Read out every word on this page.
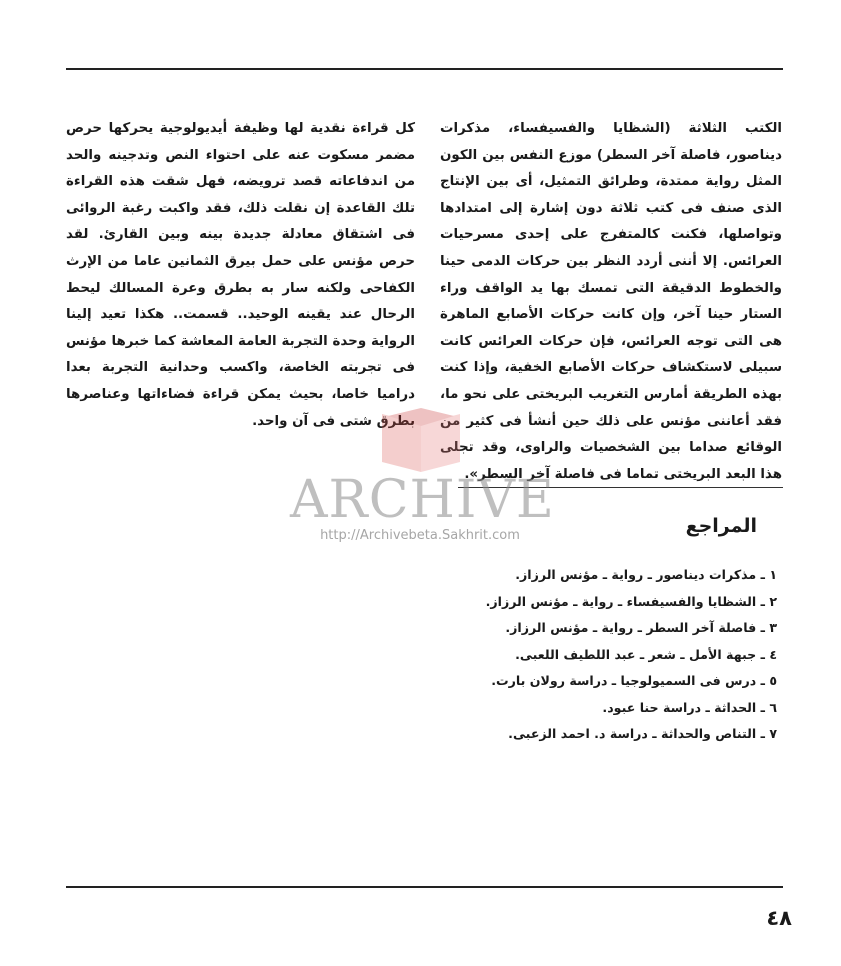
الكتب الثلاثة (الشظايا والفسيفساء، مذكرات ديناصور، فاصلة آخر السطر) موزع النفس بين الكون المثل رواية ممتدة، وطرائق التمثيل، أى بين الإنتاج الذى صنف فى كتب ثلاثة دون إشارة إلى امتدادها وتواصلها، فكنت كالمتفرج على إحدى مسرحيات العرائس. إلا أننى أردد النظر بين حركات الدمى حينا والخطوط الدقيقة التى تمسك بها يد الواقف وراء الستار حينا آخر، وإن كانت حركات الأصابع الماهرة هى التى توجه العرائس، فإن حركات العرائس كانت سبيلى لاستكشاف حركات الأصابع الخفية، وإذا كنت بهذه الطريقة أمارس التغريب البريختى على نحو ما، فقد أعاننى مؤنس على ذلك حين أنشأ فى كثير من الوقائع صداما بين الشخصيات والراوى، وقد تجلى هذا البعد البريختى تماما فى فاصلة آخر السطر».

كل قراءة نقدية لها وظيفة أيديولوجية يحركها حرص مضمر مسكوت عنه على احتواء النص وتدجينه والحد من اندفاعاته قصد ترويضه، فهل شقت هذه القراءة تلك القاعدة إن نقلت ذلك، فقد واكبت رغبة الروائى فى اشتقاق معادلة جديدة بينه وبين القارئ. لقد حرص مؤنس على حمل بيرق الثمانين عاما من الإرث الكفاحى ولكنه سار به بطرق وعرة المسالك ليحط الرحال عند يقينه الوحيد.. قسمت.. هكذا تعيد إلينا الرواية وحدة التجربة العامة المعاشة كما خبرها مؤنس فى تجربته الخاصة، واكسب وحدانية التجربة بعدا دراميا خاصا، بحيث يمكن قراءة فضاءاتها وعناصرها بطرق شتى فى آن واحد.

المراجع
١ ـ مذكرات ديناصور ـ رواية ـ مؤنس الرزاز.
٢ ـ الشظايا والفسيفساء ـ رواية ـ مؤنس الرزاز.
٣ ـ فاصلة آخر السطر ـ رواية ـ مؤنس الرزاز.
٤ ـ جبهة الأمل ـ شعر ـ عبد اللطيف اللعبى.
٥ ـ درس فى السميولوجيا ـ دراسة رولان بارت.
٦ ـ الحداثة ـ دراسة حنا عبود.
٧ ـ التناص والحداثة ـ دراسة د. احمد الزعبى.
ARCHIVE
http://Archivebeta.Sakhrit.com
٤٨
